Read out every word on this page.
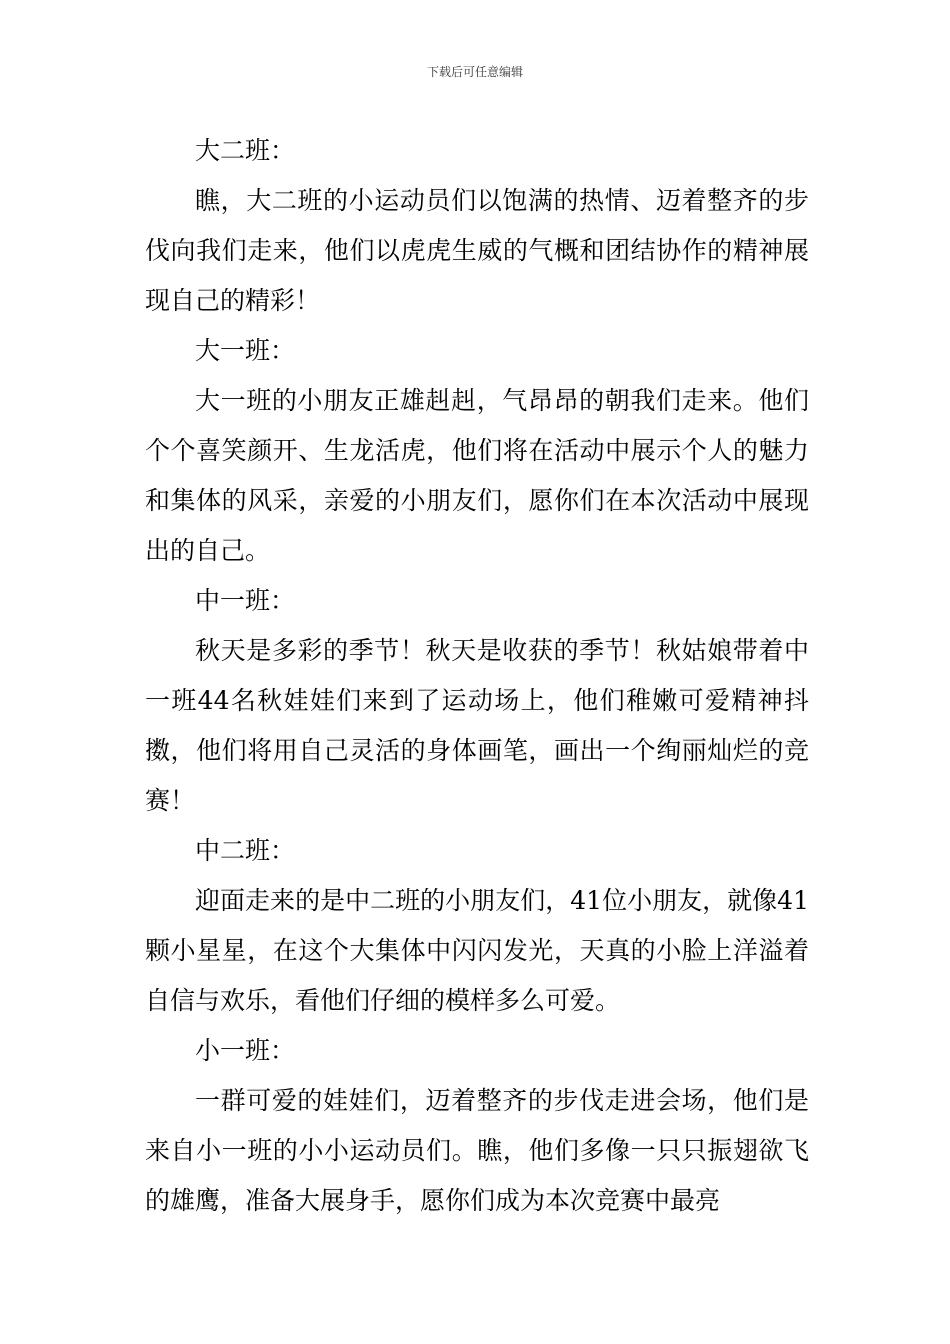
下载后可任意编辑

大二班：

瞧，大二班的小运动员们以饱满的热情、迈着整齐的步伐向我们走来，他们以虎虎生威的气概和团结协作的精神展现自己的精彩！

大一班：

大一班的小朋友正雄赳赳，气昂昂的朝我们走来。他们个个喜笑颜开、生龙活虎，他们将在活动中展示个人的魅力和集体的风采，亲爱的小朋友们，愿你们在本次活动中展现出的自己。

中一班：

秋天是多彩的季节！秋天是收获的季节！秋姑娘带着中一班44名秋娃娃们来到了运动场上，他们稚嫩可爱精神抖擞，他们将用自己灵活的身体画笔，画出一个绚丽灿烂的竞赛！

中二班：

迎面走来的是中二班的小朋友们，41位小朋友，就像41颗小星星，在这个大集体中闪闪发光，天真的小脸上洋溢着自信与欢乐，看他们仔细的模样多么可爱。

小一班：

一群可爱的娃娃们，迈着整齐的步伐走进会场，他们是来自小一班的小小运动员们。瞧，他们多像一只只振翅欲飞的雄鹰，准备大展身手，愿你们成为本次竞赛中最亮
